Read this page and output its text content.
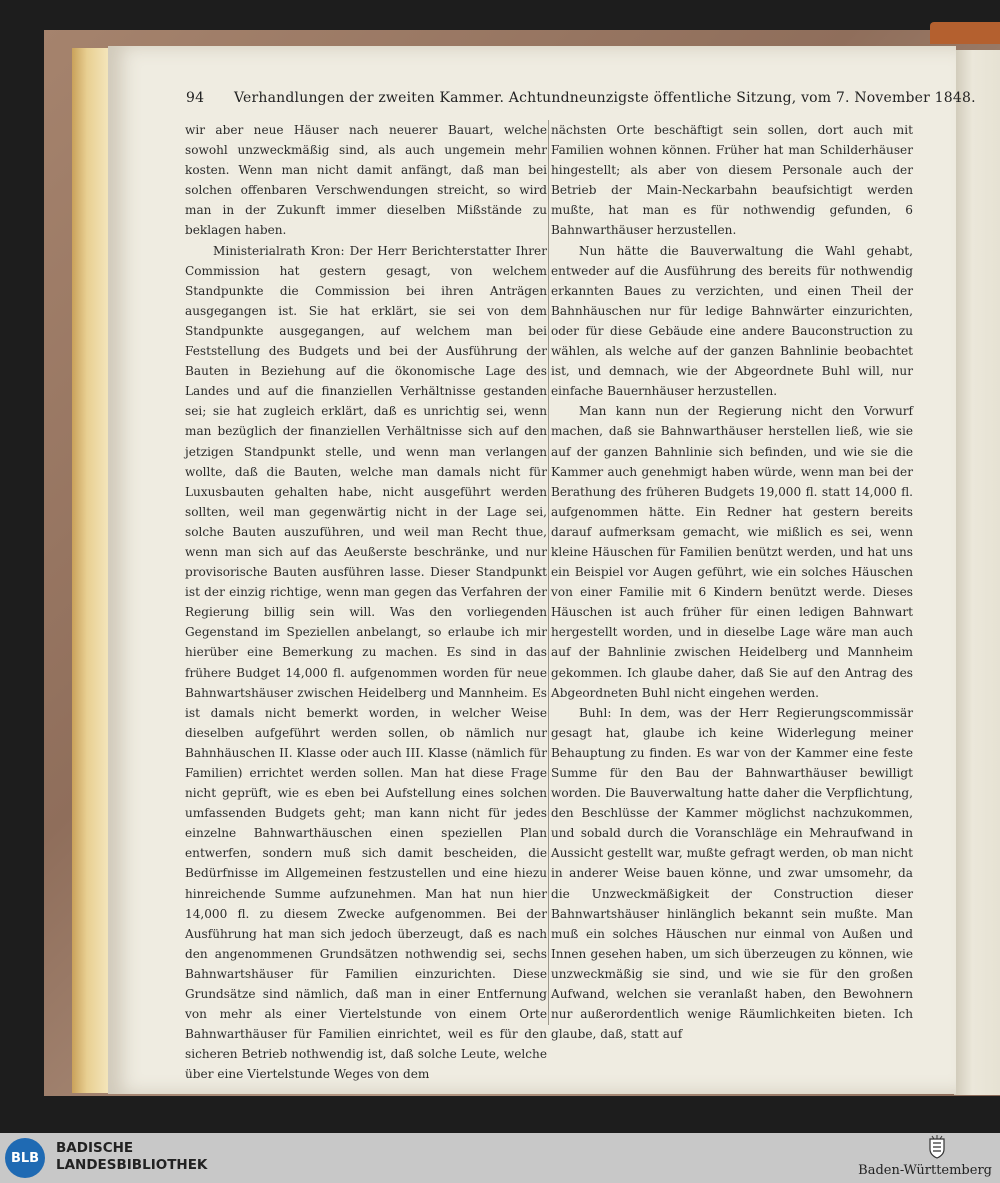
94 Verhandlungen der zweiten Kammer. Achtundneunzigste öffentliche Sitzung, vom 7. November 1848.

wir aber neue Häuser nach neuerer Bauart, welche sowohl unzweckmäßig sind, als auch ungemein mehr kosten. Wenn man nicht damit anfängt, daß man bei solchen offenbaren Verschwendungen streicht, so wird man in der Zukunft immer dieselben Mißstände zu beklagen haben.

Ministerialrath Kron: Der Herr Berichterstatter Ihrer Commission hat gestern gesagt, von welchem Standpunkte die Commission bei ihren Anträgen ausgegangen ist. Sie hat erklärt, sie sei von dem Standpunkte ausgegangen, auf welchem man bei Feststellung des Budgets und bei der Ausführung der Bauten in Beziehung auf die ökonomische Lage des Landes und auf die finanziellen Verhältnisse gestanden sei; sie hat zugleich erklärt, daß es unrichtig sei, wenn man bezüglich der finanziellen Verhältnisse sich auf den jetzigen Standpunkt stelle, und wenn man verlangen wollte, daß die Bauten, welche man damals nicht für Luxusbauten gehalten habe, nicht ausgeführt werden sollten, weil man gegenwärtig nicht in der Lage sei, solche Bauten auszuführen, und weil man Recht thue, wenn man sich auf das Aeußerste beschränke, und nur provisorische Bauten ausführen lasse. Dieser Standpunkt ist der einzig richtige, wenn man gegen das Verfahren der Regierung billig sein will. Was den vorliegenden Gegenstand im Speziellen anbelangt, so erlaube ich mir hierüber eine Bemerkung zu machen. Es sind in das frühere Budget 14,000 fl. aufgenommen worden für neue Bahnwartshäuser zwischen Heidelberg und Mannheim. Es ist damals nicht bemerkt worden, in welcher Weise dieselben aufgeführt werden sollen, ob nämlich nur Bahnhäuschen II. Klasse oder auch III. Klasse (nämlich für Familien) errichtet werden sollen. Man hat diese Frage nicht geprüft, wie es eben bei Aufstellung eines solchen umfassenden Budgets geht; man kann nicht für jedes einzelne Bahnwarthäuschen einen speziellen Plan entwerfen, sondern muß sich damit bescheiden, die Bedürfnisse im Allgemeinen festzustellen und eine hiezu hinreichende Summe aufzunehmen. Man hat nun hier 14,000 fl. zu diesem Zwecke aufgenommen. Bei der Ausführung hat man sich jedoch überzeugt, daß es nach den angenommenen Grundsätzen nothwendig sei, sechs Bahnwartshäuser für Familien einzurichten. Diese Grundsätze sind nämlich, daß man in einer Entfernung von mehr als einer Viertelstunde von einem Orte Bahnwarthäuser für Familien einrichtet, weil es für den sicheren Betrieb nothwendig ist, daß solche Leute, welche über eine Viertelstunde Weges von dem

nächsten Orte beschäftigt sein sollen, dort auch mit Familien wohnen können. Früher hat man Schilderhäuser hingestellt; als aber von diesem Personale auch der Betrieb der Main-Neckarbahn beaufsichtigt werden mußte, hat man es für nothwendig gefunden, 6 Bahnwarthäuser herzustellen.

Nun hätte die Bauverwaltung die Wahl gehabt, entweder auf die Ausführung des bereits für nothwendig erkannten Baues zu verzichten, und einen Theil der Bahnhäuschen nur für ledige Bahnwärter einzurichten, oder für diese Gebäude eine andere Bauconstruction zu wählen, als welche auf der ganzen Bahnlinie beobachtet ist, und demnach, wie der Abgeordnete Buhl will, nur einfache Bauernhäuser herzustellen.

Man kann nun der Regierung nicht den Vorwurf machen, daß sie Bahnwarthäuser herstellen ließ, wie sie auf der ganzen Bahnlinie sich befinden, und wie sie die Kammer auch genehmigt haben würde, wenn man bei der Berathung des früheren Budgets 19,000 fl. statt 14,000 fl. aufgenommen hätte. Ein Redner hat gestern bereits darauf aufmerksam gemacht, wie mißlich es sei, wenn kleine Häuschen für Familien benützt werden, und hat uns ein Beispiel vor Augen geführt, wie ein solches Häuschen von einer Familie mit 6 Kindern benützt werde. Dieses Häuschen ist auch früher für einen ledigen Bahnwart hergestellt worden, und in dieselbe Lage wäre man auch auf der Bahnlinie zwischen Heidelberg und Mannheim gekommen. Ich glaube daher, daß Sie auf den Antrag des Abgeordneten Buhl nicht eingehen werden.

Buhl: In dem, was der Herr Regierungscommissär gesagt hat, glaube ich keine Widerlegung meiner Behauptung zu finden. Es war von der Kammer eine feste Summe für den Bau der Bahnwarthäuser bewilligt worden. Die Bauverwaltung hatte daher die Verpflichtung, den Beschlüsse der Kammer möglichst nachzukommen, und sobald durch die Voranschläge ein Mehraufwand in Aussicht gestellt war, mußte gefragt werden, ob man nicht in anderer Weise bauen könne, und zwar umsomehr, da die Unzweckmäßigkeit der Construction dieser Bahnwartshäuser hinlänglich bekannt sein mußte. Man muß ein solches Häuschen nur einmal von Außen und Innen gesehen haben, um sich überzeugen zu können, wie unzweckmäßig sie sind, und wie sie für den großen Aufwand, welchen sie veranlaßt haben, den Bewohnern nur außerordentlich wenige Räumlichkeiten bieten. Ich glaube, daß, statt auf

BLB
BADISCHE
LANDESBIBLIOTHEK	Baden-Württemberg
